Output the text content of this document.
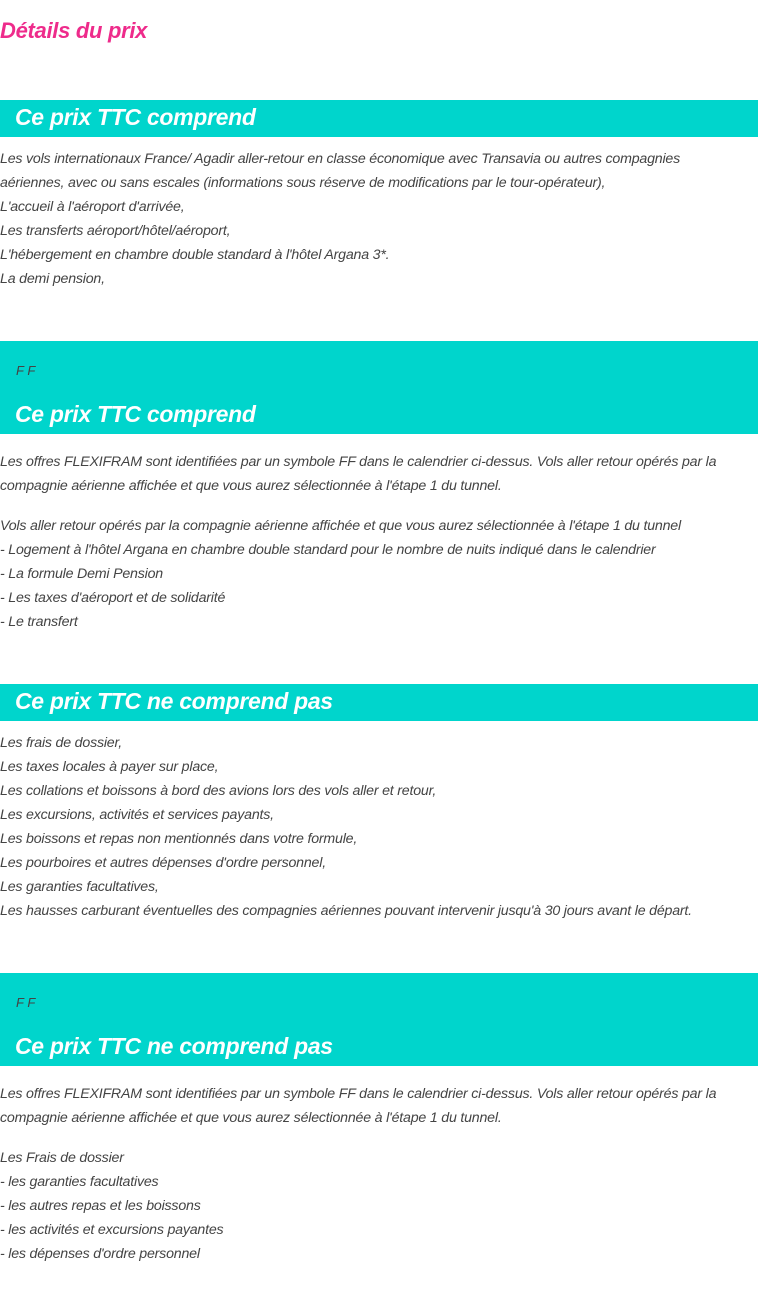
Détails du prix
Ce prix TTC comprend
Les vols internationaux France/ Agadir aller-retour en classe économique avec Transavia ou autres compagnies aériennes, avec ou sans escales (informations sous réserve de modifications par le tour-opérateur),
L'accueil à l'aéroport d'arrivée,
Les transferts aéroport/hôtel/aéroport,
L'hébergement en chambre double standard à l'hôtel Argana 3*.
La demi pension,
F F
Ce prix TTC comprend
Les offres FLEXIFRAM sont identifiées par un symbole FF dans le calendrier ci-dessus. Vols aller retour opérés par la compagnie aérienne affichée et que vous aurez sélectionnée à l'étape 1 du tunnel.
Vols aller retour opérés par la compagnie aérienne affichée et que vous aurez sélectionnée à l'étape 1 du tunnel
- Logement à l'hôtel Argana en chambre double standard pour le nombre de nuits indiqué dans le calendrier
- La formule Demi Pension
- Les taxes d'aéroport et de solidarité
- Le transfert
Ce prix TTC ne comprend pas
Les frais de dossier,
Les taxes locales à payer sur place,
Les collations et boissons à bord des avions lors des vols aller et retour,
Les excursions, activités et services payants,
Les boissons et repas non mentionnés dans votre formule,
Les pourboires et autres dépenses d'ordre personnel,
Les garanties facultatives,
Les hausses carburant éventuelles des compagnies aériennes pouvant intervenir jusqu'à 30 jours avant le départ.
F F
Ce prix TTC ne comprend pas
Les offres FLEXIFRAM sont identifiées par un symbole FF dans le calendrier ci-dessus. Vols aller retour opérés par la compagnie aérienne affichée et que vous aurez sélectionnée à l'étape 1 du tunnel.
Les Frais de dossier
- les garanties facultatives
- les autres repas et les boissons
- les activités et excursions payantes
- les dépenses d'ordre personnel
